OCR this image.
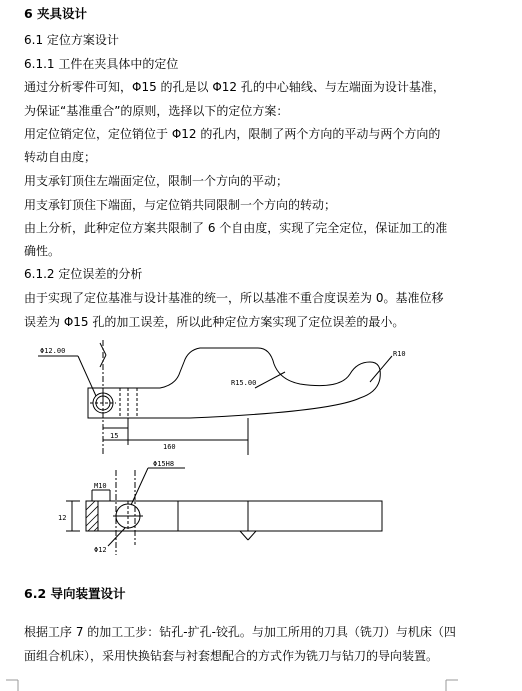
6 夹具设计
6.1 定位方案设计
6.1.1 工件在夹具体中的定位
通过分析零件可知，Φ15 的孔是以 Φ12 孔的中心轴线、与左端面为设计基准，
为保证“基准重合”的原则，选择以下的定位方案：
用定位销定位，定位销位于 Φ12 的孔内，限制了两个方向的平动与两个方向的
转动自由度；
用支承钉顶住左端面定位，限制一个方向的平动；
用支承钉顶住下端面，与定位销共同限制一个方向的转动；
由上分析，此种定位方案共限制了 6 个自由度，实现了完全定位，保证加工的准
确性。
6.1.2 定位误差的分析
由于实现了定位基准与设计基准的统一，所以基准不重合度误差为 0。基准位移
误差为 Φ15 孔的加工误差，所以此种定位方案实现了定位误差的最小。
Φ12.00	R10
R15.00
15
160
Φ15H8
M10
12
Φ12
6.2 导向装置设计
根据工序 7 的加工工步：钻孔-扩孔-铰孔。与加工所用的刀具（铣刀）与机床（四
面组合机床），采用快换钻套与衬套想配合的方式作为铣刀与钻刀的导向装置。
